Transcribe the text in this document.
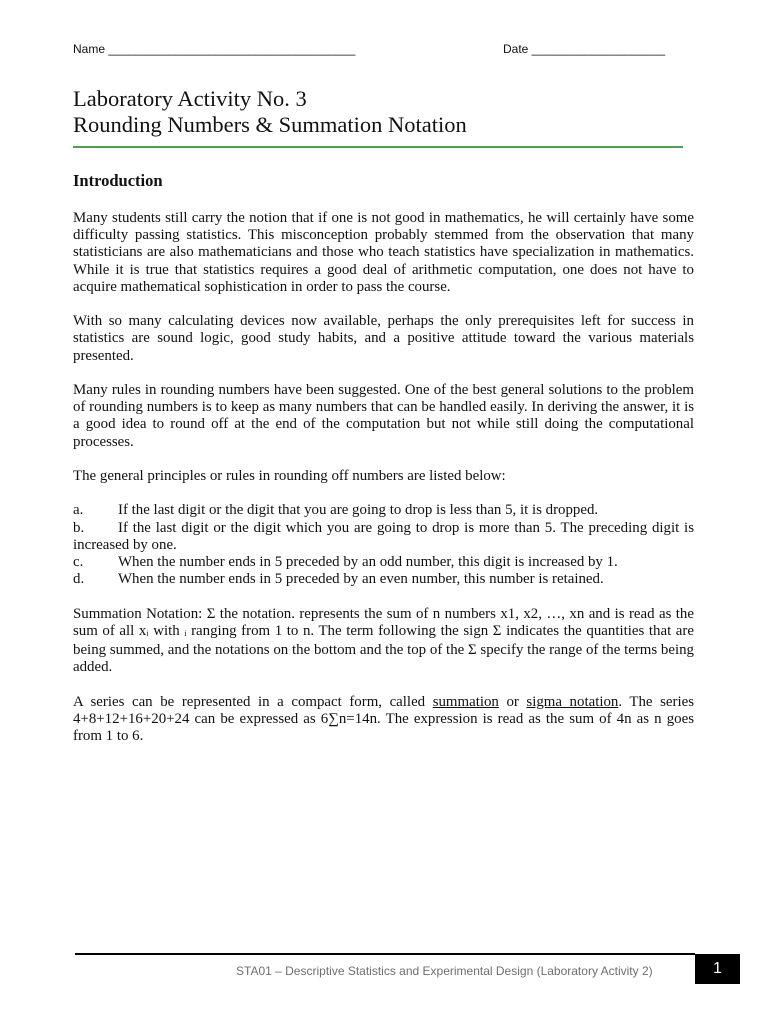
Name _____________________________________	Date ____________________
Laboratory Activity No. 3
Rounding Numbers & Summation Notation
Introduction

Many students still carry the notion that if one is not good in mathematics, he will certainly have some difficulty passing statistics. This misconception probably stemmed from the observation that many statisticians are also mathematicians and those who teach statistics have specialization in mathematics. While it is true that statistics requires a good deal of arithmetic computation, one does not have to acquire mathematical sophistication in order to pass the course.

With so many calculating devices now available, perhaps the only prerequisites left for success in statistics are sound logic, good study habits, and a positive attitude toward the various materials presented.

Many rules in rounding numbers have been suggested. One of the best general solutions to the problem of rounding numbers is to keep as many numbers that can be handled easily. In deriving the answer, it is a good idea to round off at the end of the computation but not while still doing the computational processes.

The general principles or rules in rounding off numbers are listed below:

a. If the last digit or the digit that you are going to drop is less than 5, it is dropped.
b. If the last digit or the digit which you are going to drop is more than 5. The preceding digit is increased by one.
c. When the number ends in 5 preceded by an odd number, this digit is increased by 1.
d. When the number ends in 5 preceded by an even number, this number is retained.

Summation Notation: Σ the notation. represents the sum of n numbers x1, x2, …, xn and is read as the sum of all $x_i$ with $_i$ ranging from 1 to n. The term following the sign Σ indicates the quantities that are being summed, and the notations on the bottom and the top of the Σ specify the range of the terms being added.

A series can be represented in a compact form, called summation or sigma notation. The series 4+8+12+16+20+24 can be expressed as 6∑n=14n. The expression is read as the sum of 4n as n goes from 1 to 6.

STA01 – Descriptive Statistics and Experimental Design (Laboratory Activity 2)	1
